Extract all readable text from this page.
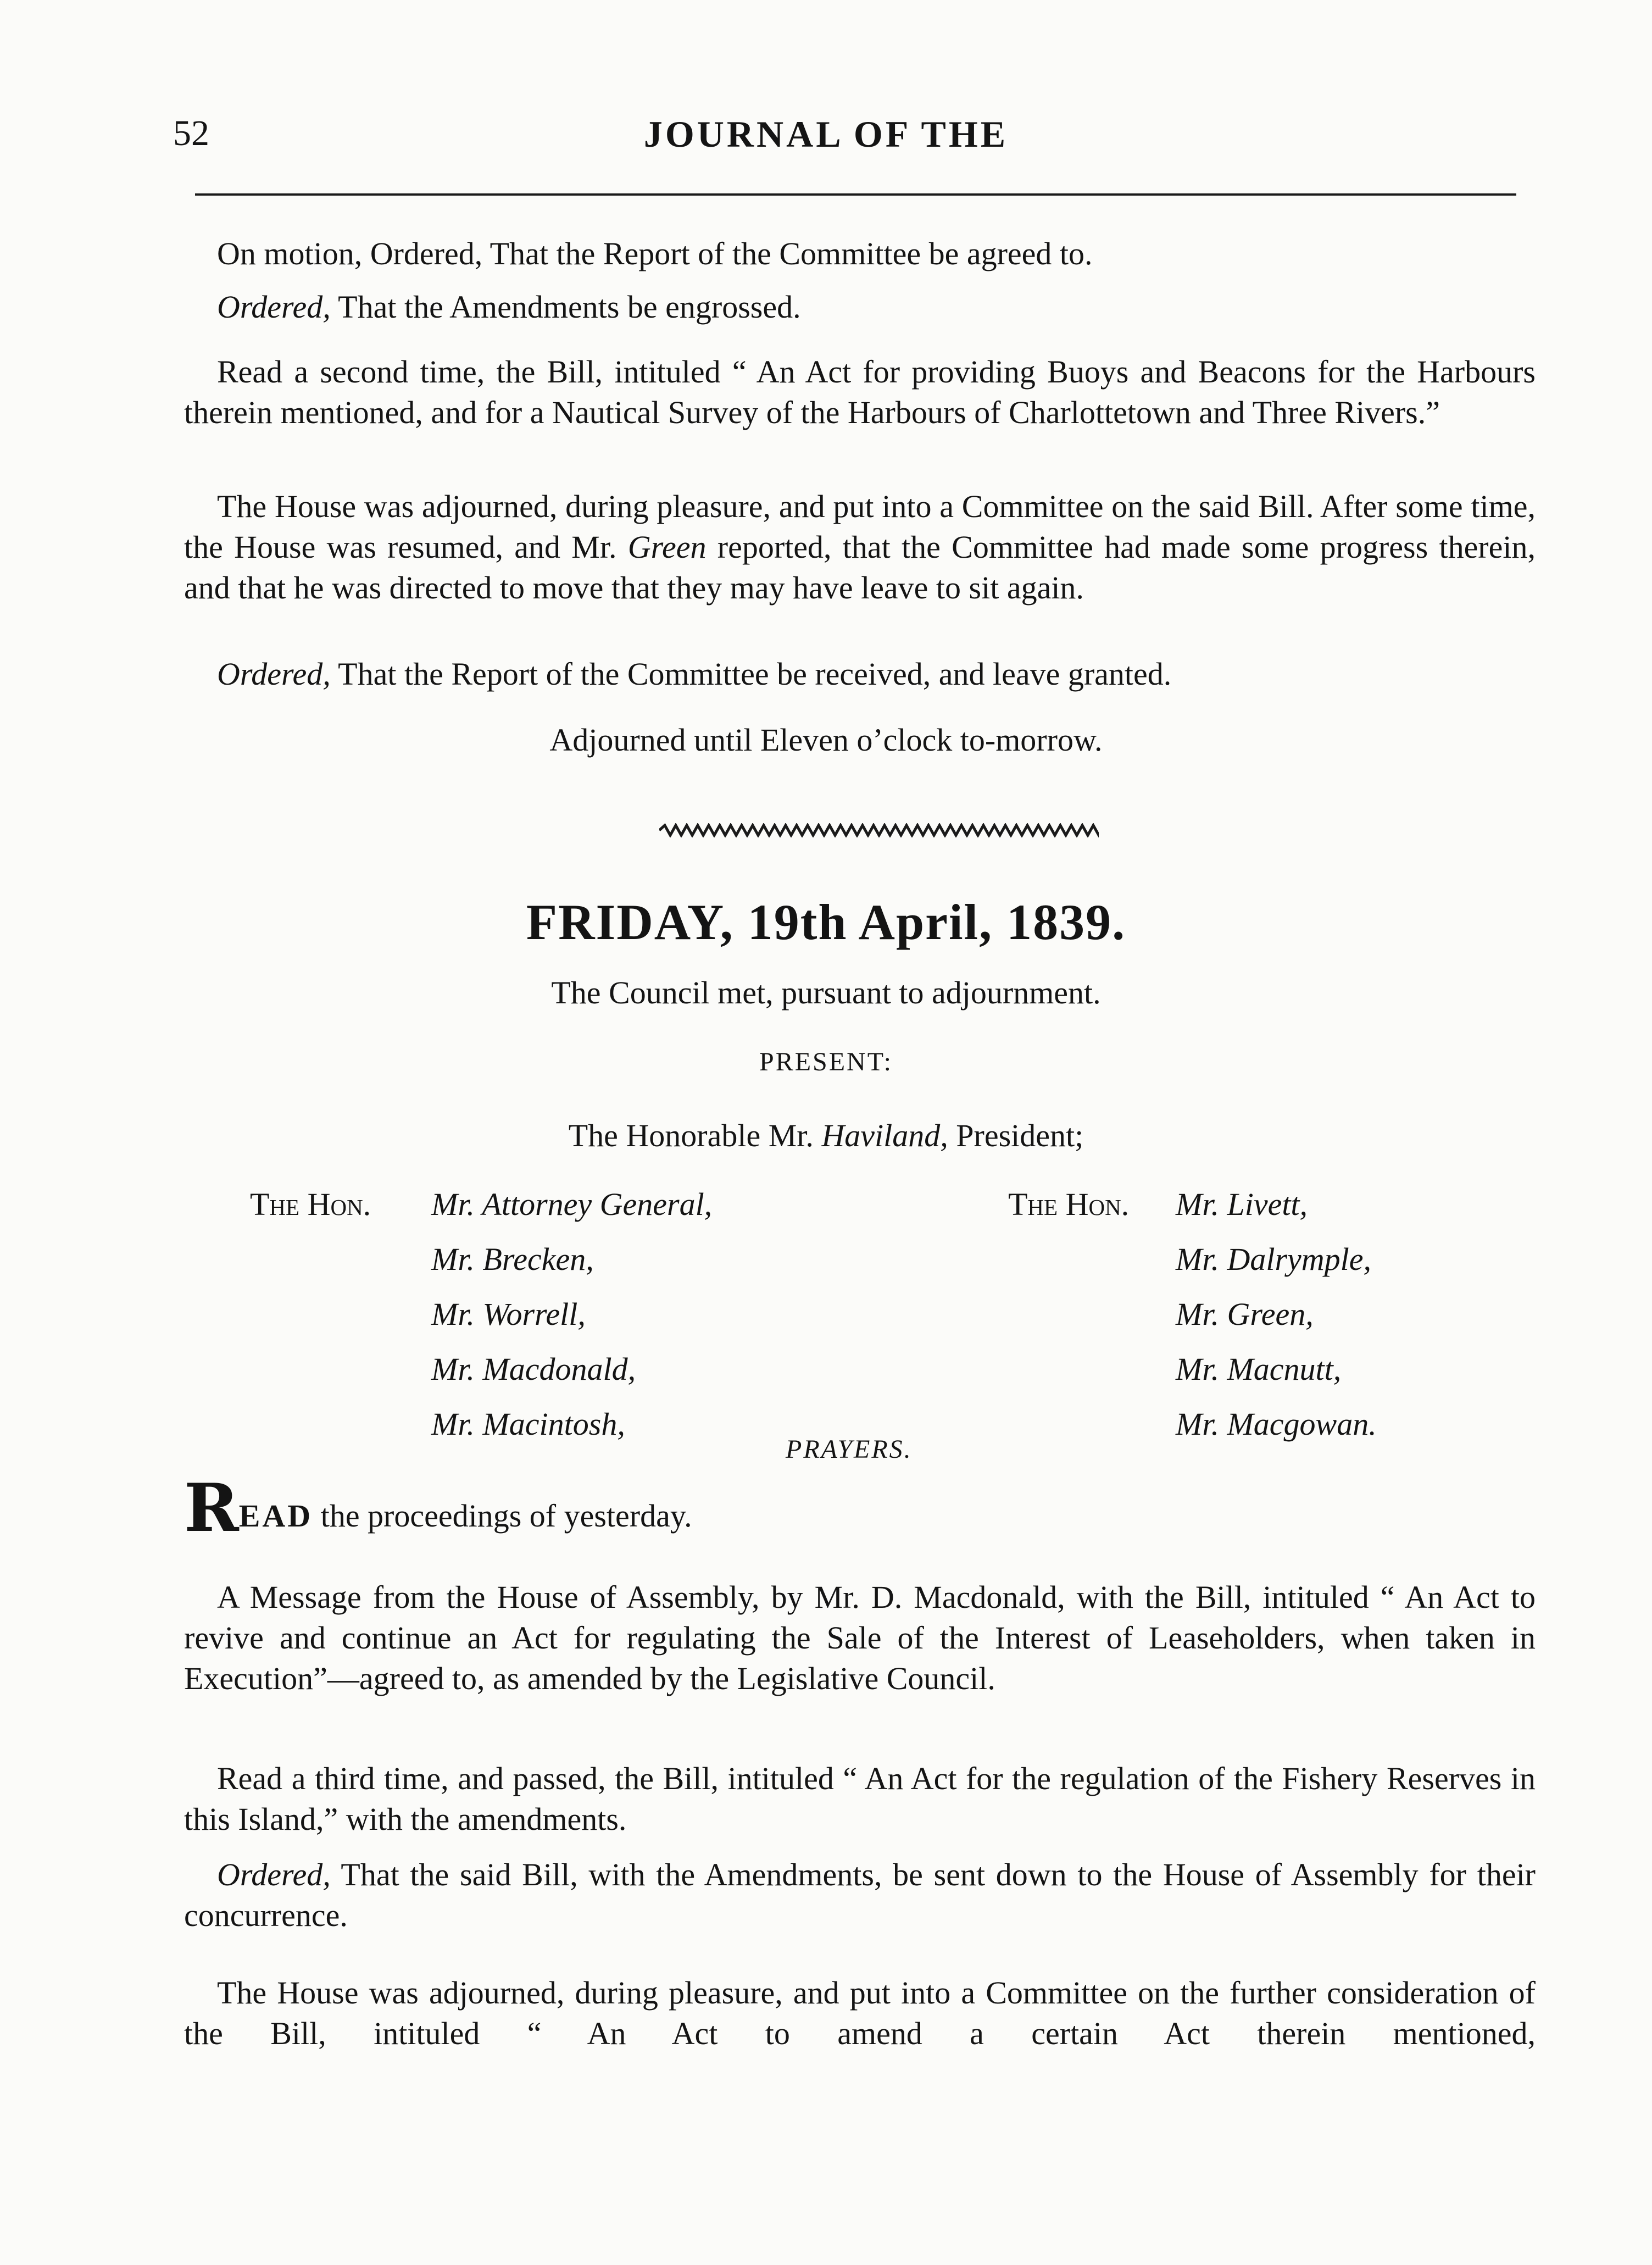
52	JOURNAL OF THE

On motion, Ordered, That the Report of the Committee be agreed to.

Ordered, That the Amendments be engrossed.

Read a second time, the Bill, intituled “ An Act for providing Buoys and Beacons for the Harbours therein mentioned, and for a Nautical Survey of the Harbours of Charlottetown and Three Rivers.”

The House was adjourned, during pleasure, and put into a Committee on the said Bill. After some time, the House was resumed, and Mr. Green reported, that the Committee had made some progress therein, and that he was directed to move that they may have leave to sit again.

Ordered, That the Report of the Committee be received, and leave granted.

Adjourned until Eleven o’clock to-morrow.

FRIDAY, 19th April, 1839.

The Council met, pursuant to adjournment.

PRESENT:

The Honorable Mr. Haviland, President;

The Hon. Mr. Attorney General,
Mr. Brecken,
Mr. Worrell,
Mr. Macdonald,
Mr. Macintosh,
The Hon. Mr. Livett,
Mr. Dalrymple,
Mr. Green,
Mr. Macnutt,
Mr. Macgowan.
PRAYERS.

READ the proceedings of yesterday.

A Message from the House of Assembly, by Mr. D. Macdonald, with the Bill, intituled “ An Act to revive and continue an Act for regulating the Sale of the Interest of Leaseholders, when taken in Execution”—agreed to, as amended by the Legislative Council.

Read a third time, and passed, the Bill, intituled “ An Act for the regulation of the Fishery Reserves in this Island,” with the amendments.

Ordered, That the said Bill, with the Amendments, be sent down to the House of Assembly for their concurrence.

The House was adjourned, during pleasure, and put into a Committee on the further consideration of the Bill, intituled “ An Act to amend a certain Act therein mentioned,
